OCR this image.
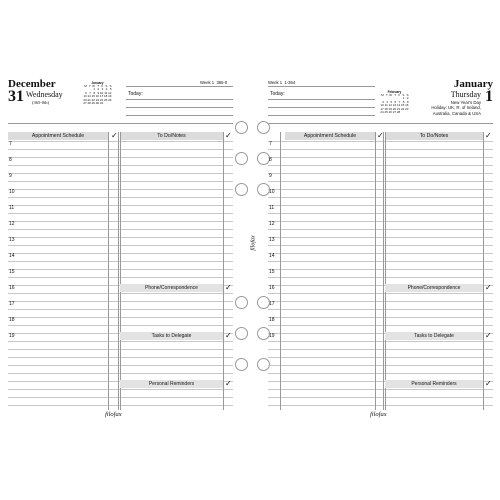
December
31 Wednesday
(365-0th)
January
M	T	W	T	F	S	S
		1	2	3	4	5
6	7	8	9	10	11	12
13	14	15	16	17	18	19
20	21	22	23	24	25	26
27	28	29	30	31		
Today:
Week 1 365-0
Appointment Schedule	✓	To Do/Notes	✓
7
8
9
10
11
12
13
14
15
16
17
18
19
Phone/Correspondence	✓
Tasks to Delegate	✓
Personal Reminders	✓
filofax
filofax
Week 1 1-364
Today:	February
M	T	W	T	F	S	S
					1	2
3	4	5	6	7	8	9
10	11	12	13	14	15	16
17	18	19	20	21	22	23
24	25	26	27	28		
January
1
Thursday
New Year's Day
Holiday: UK, R. of Ireland,
Australia, Canada & USA
Appointment Schedule	✓	To Do/Notes	✓
7
8
9
10
11
12
13
14
15
16
17
18
19
Phone/Correspondence	✓
Tasks to Delegate	✓
Personal Reminders	✓
filofax
